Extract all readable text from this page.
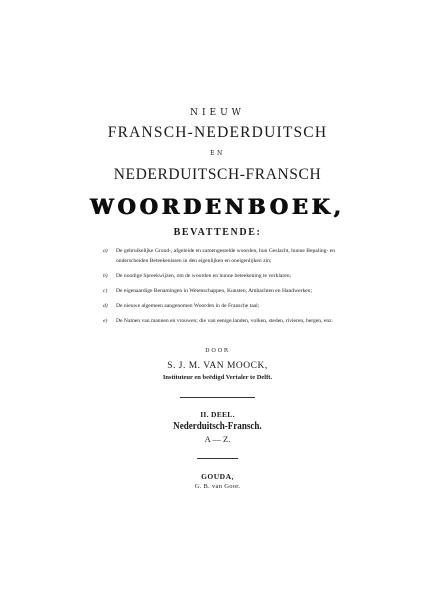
NIEUW
FRANSCH-NEDERDUITSCH
EN
NEDERDUITSCH-FRANSCH
WOORDENBOEK,
BEVATTENDE:
a) De gebruikelijke Grond-, afgeleide en zamengestelde woorden, hun Geslacht, hunne Bepaling- en onderscheiden Beteekenissen in den eigenlijken en oneigenlijken zin;
b) De noodige Spreekwijzen, om de woorden en hunne beteekening te verklaren;
c) De eigenaardige Benamingen in Wetenschappen, Kunsten, Ambachten en Handwerken;
d) De nieuwe algemeen aangenomen Woorden in de Fransche taal;
e) De Namen van mannen en vrouwen; die van eenige landen, volken, steden, rivieren, bergen, enz.
DOOR
S. J. M. VAN MOOCK,
Instituteur en beëdigd Vertaler te Delft.
II. DEEL.
Nederduitsch-Fransch.
A — Z.
GOUDA,
G. B. van Goor.
